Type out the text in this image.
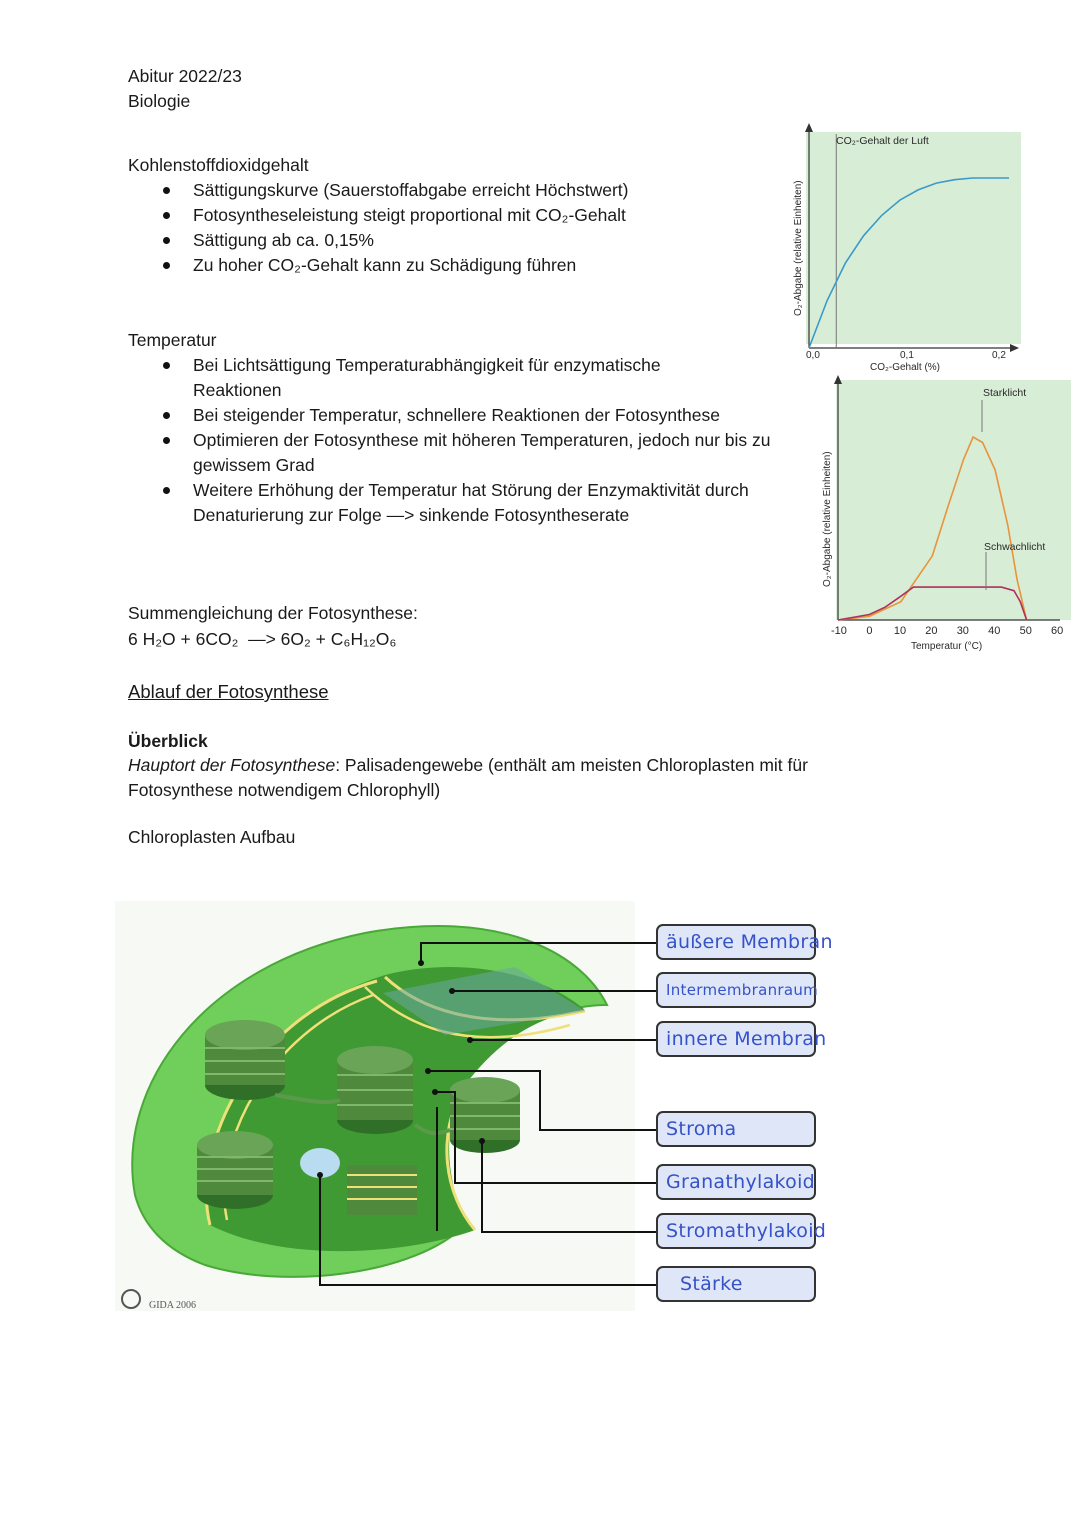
Abitur 2022/23
Biologie
Kohlenstoffdioxidgehalt
Sättigungskurve (Sauerstoffabgabe erreicht Höchstwert)
Fotosyntheseleistung steigt proportional mit CO₂-Gehalt
Sättigung ab ca. 0,15%
Zu hoher CO₂-Gehalt kann zu Schädigung führen
Temperatur
Bei Lichtsättigung Temperaturabhängigkeit für enzymatische Reaktionen
Bei steigender Temperatur, schnellere Reaktionen der Fotosynthese
Optimieren der Fotosynthese mit höheren Temperaturen, jedoch nur bis zu gewissem Grad
Weitere Erhöhung der Temperatur hat Störung der Enzymaktivität durch Denaturierung zur Folge —> sinkende Fotosyntheserate
Summengleichung der Fotosynthese:
6 H₂O + 6CO₂  —> 6O₂ + C₆H₁₂O₆
Ablauf der Fotosynthese
Überblick
Hauptort der Fotosynthese: Palisadengewebe (enthält am meisten Chloroplasten mit für Fotosynthese notwendigem Chlorophyll)
Chloroplasten Aufbau
CO₂-Gehalt der Luft
0,0	0,1	0,2
CO₂-Gehalt (%)
O₂-Abgabe (relative Einheiten)
Starklicht
Schwachlicht
-10 0 10 20 30 40 50 60
Temperatur (°C)
O₂-Abgabe (relative Einheiten)
GIDA 2006
äußere Membran
Intermembranraum
innere Membran
Stroma
Granathylakoid
Stromathylakoid
Stärke
